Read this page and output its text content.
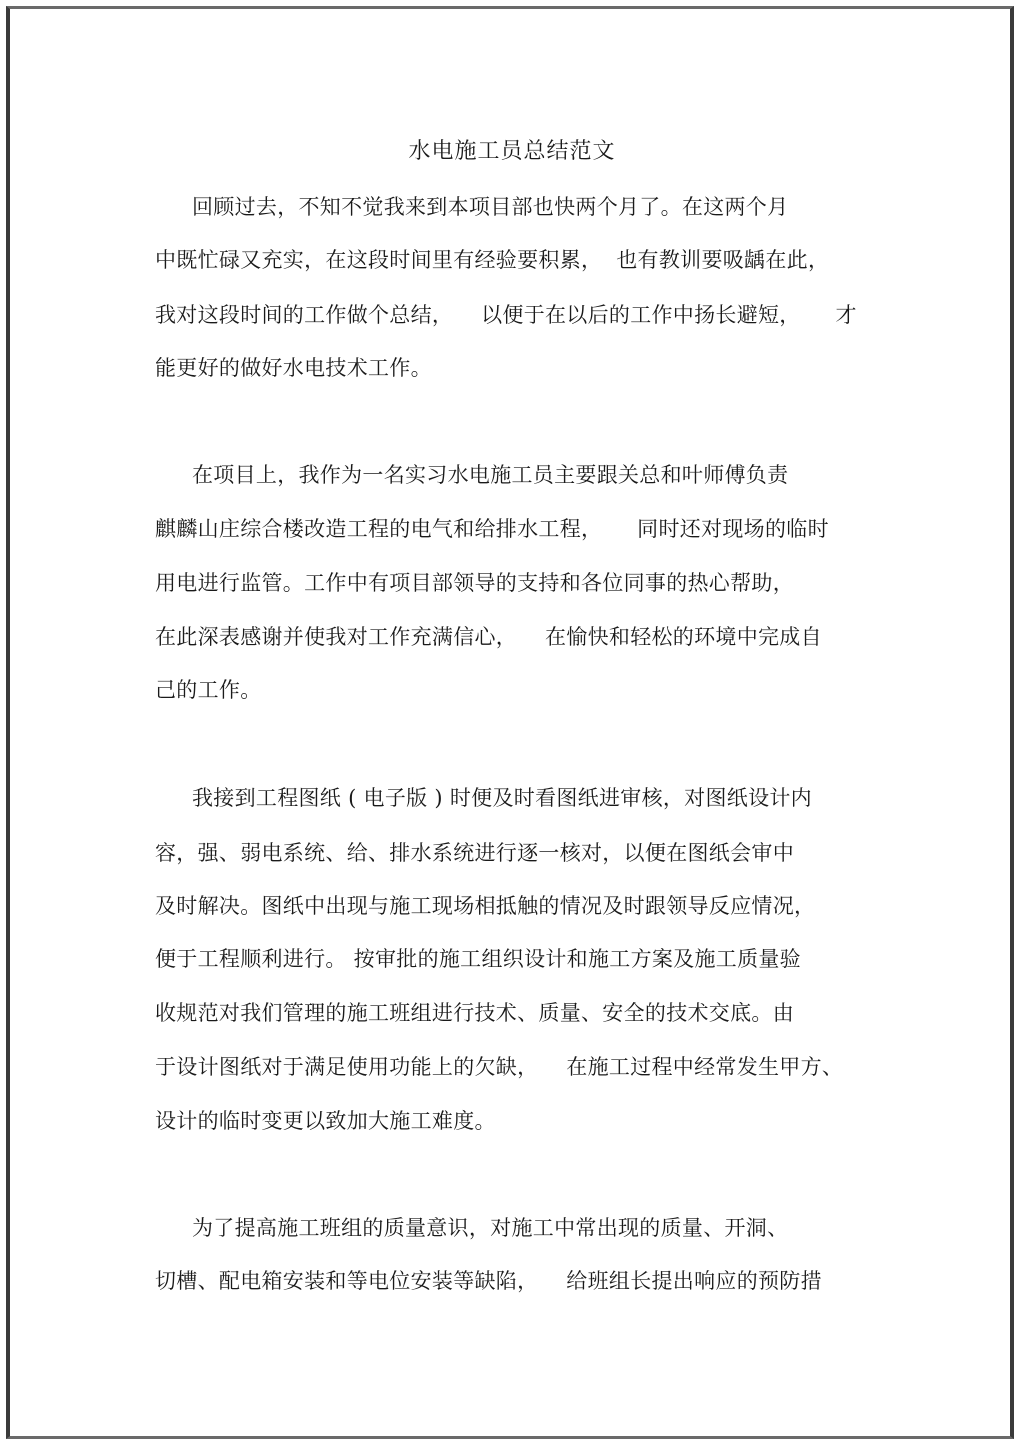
水电施工员总结范文
回顾过去，不知不觉我来到本项目部也快两个月了。在这两个月
中既忙碌又充实，在这段时间里有经验要积累，  也有教训要吸龋在此，
我对这段时间的工作做个总结，    以便于在以后的工作中扬长避短，     才
能更好的做好水电技术工作。
在项目上，我作为一名实习水电施工员主要跟关总和叶师傅负责
麒麟山庄综合楼改造工程的电气和给排水工程，     同时还对现场的临时
用电进行监管。工作中有项目部领导的支持和各位同事的热心帮助，
在此深表感谢并使我对工作充满信心，    在愉快和轻松的环境中完成自
己的工作。
我接到工程图纸 ( 电子版 ) 时便及时看图纸进审核，对图纸设计内
容，强、弱电系统、给、排水系统进行逐一核对，以便在图纸会审中
及时解决。图纸中出现与施工现场相抵触的情况及时跟领导反应情况，
便于工程顺利进行。 按审批的施工组织设计和施工方案及施工质量验
收规范对我们管理的施工班组进行技术、质量、安全的技术交底。由
于设计图纸对于满足使用功能上的欠缺，    在施工过程中经常发生甲方、
设计的临时变更以致加大施工难度。
为了提高施工班组的质量意识，对施工中常出现的质量、开洞、
切槽、配电箱安装和等电位安装等缺陷，    给班组长提出响应的预防措
